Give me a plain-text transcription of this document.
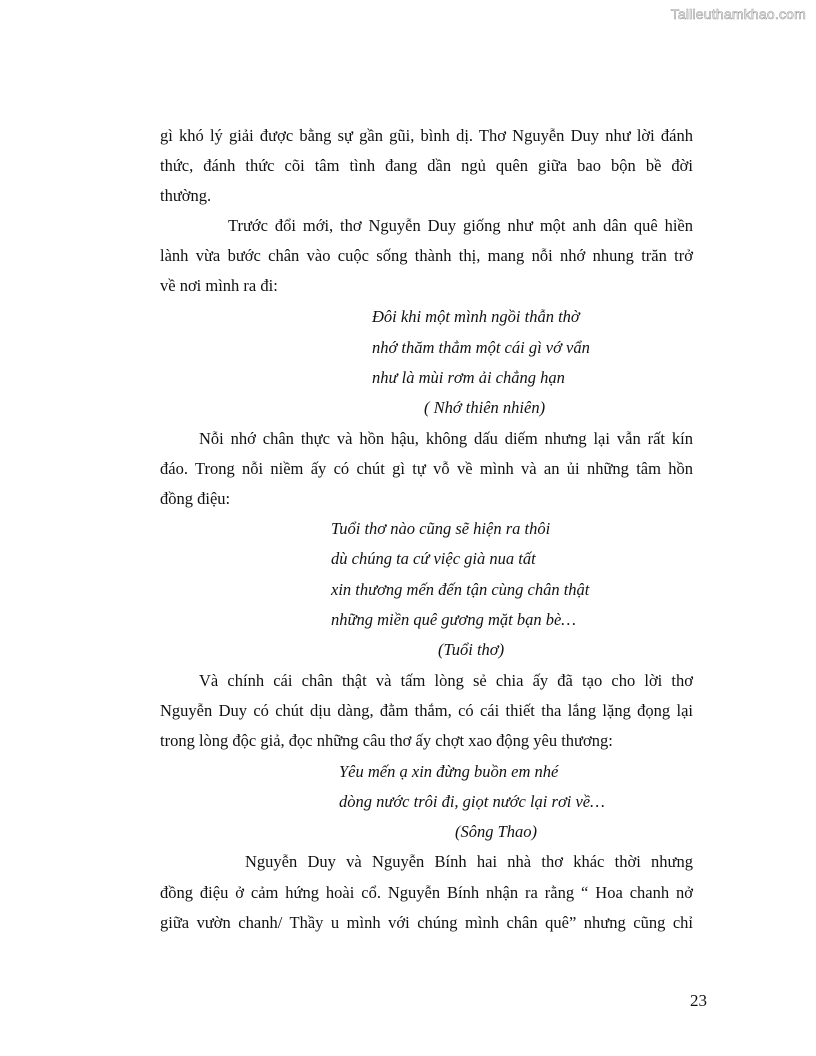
Tailieuthamkhao.com
gì khó lý giải được bằng sự gần gũi, bình dị. Thơ Nguyễn Duy như lời đánh
thức, đánh thức cõi tâm tình đang dần ngủ quên giữa bao bộn bề đời
thường.
Trước đổi mới, thơ Nguyễn Duy giống như một anh dân quê hiền
lành vừa bước chân vào cuộc sống thành thị, mang nỗi nhớ nhung trăn trở
về nơi mình ra đi:
Đôi khi một mình ngồi thẫn thờ
nhớ thăm thẳm một cái gì vớ vẩn
như là mùi rơm ải chẳng hạn
( Nhớ thiên nhiên)
Nỗi nhớ chân thực và hồn hậu, không dấu diếm nhưng lại vẫn rất kín
đáo. Trong nỗi niềm ấy có chút gì tự vỗ về mình và an ủi những tâm hồn
đồng điệu:
Tuổi thơ nào cũng sẽ hiện ra thôi
dù chúng ta cứ việc già nua tất
xin thương mến đến tận cùng chân thật
những miền quê gương mặt bạn bè…
(Tuổi thơ)
Và chính cái chân thật và tấm lòng sẻ chia ấy đã tạo cho lời thơ
Nguyễn Duy có chút dịu dàng, đằm thắm, có cái thiết tha lắng lặng đọng lại
trong lòng độc giả, đọc những câu thơ ấy chợt xao động yêu thương:
Yêu mến ạ xin đừng buồn em nhé
dòng nước trôi đi, giọt nước lại rơi về…
(Sông Thao)
Nguyễn Duy và Nguyễn Bính hai nhà thơ khác thời nhưng
đồng điệu ở cảm hứng hoài cổ. Nguyễn Bính nhận ra rằng “ Hoa chanh nở
giữa vườn chanh/ Thầy u mình với chúng mình chân quê” nhưng cũng chỉ
23
